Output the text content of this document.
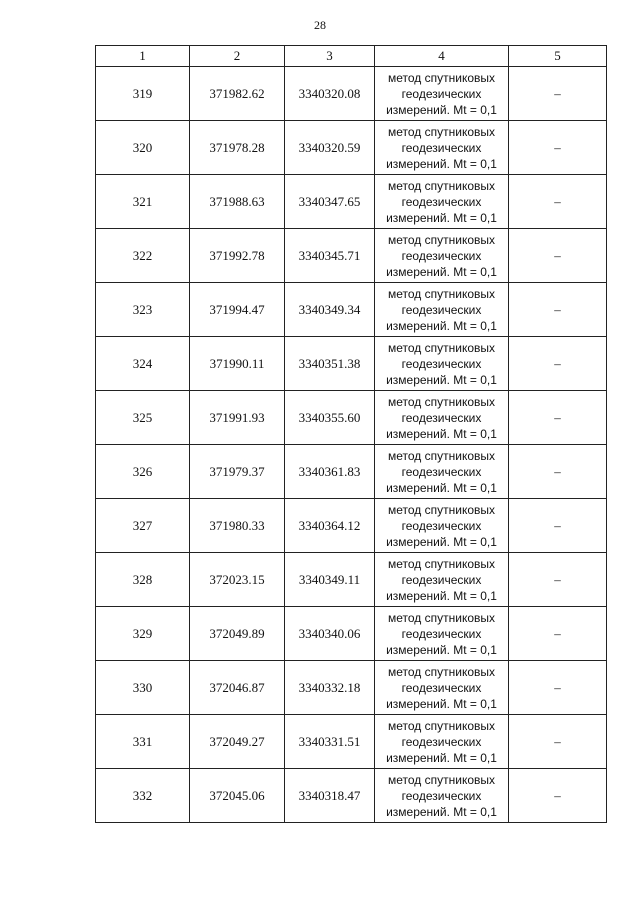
28
1	2	3	4	5
319	371982.62	3340320.08	метод спутниковых
геодезических
измерений. Mt = 0,1	–
320	371978.28	3340320.59	метод спутниковых
геодезических
измерений. Mt = 0,1	–
321	371988.63	3340347.65	метод спутниковых
геодезических
измерений. Mt = 0,1	–
322	371992.78	3340345.71	метод спутниковых
геодезических
измерений. Mt = 0,1	–
323	371994.47	3340349.34	метод спутниковых
геодезических
измерений. Mt = 0,1	–
324	371990.11	3340351.38	метод спутниковых
геодезических
измерений. Mt = 0,1	–
325	371991.93	3340355.60	метод спутниковых
геодезических
измерений. Mt = 0,1	–
326	371979.37	3340361.83	метод спутниковых
геодезических
измерений. Mt = 0,1	–
327	371980.33	3340364.12	метод спутниковых
геодезических
измерений. Mt = 0,1	–
328	372023.15	3340349.11	метод спутниковых
геодезических
измерений. Mt = 0,1	–
329	372049.89	3340340.06	метод спутниковых
геодезических
измерений. Mt = 0,1	–
330	372046.87	3340332.18	метод спутниковых
геодезических
измерений. Mt = 0,1	–
331	372049.27	3340331.51	метод спутниковых
геодезических
измерений. Mt = 0,1	–
332	372045.06	3340318.47	метод спутниковых
геодезических
измерений. Mt = 0,1	–
